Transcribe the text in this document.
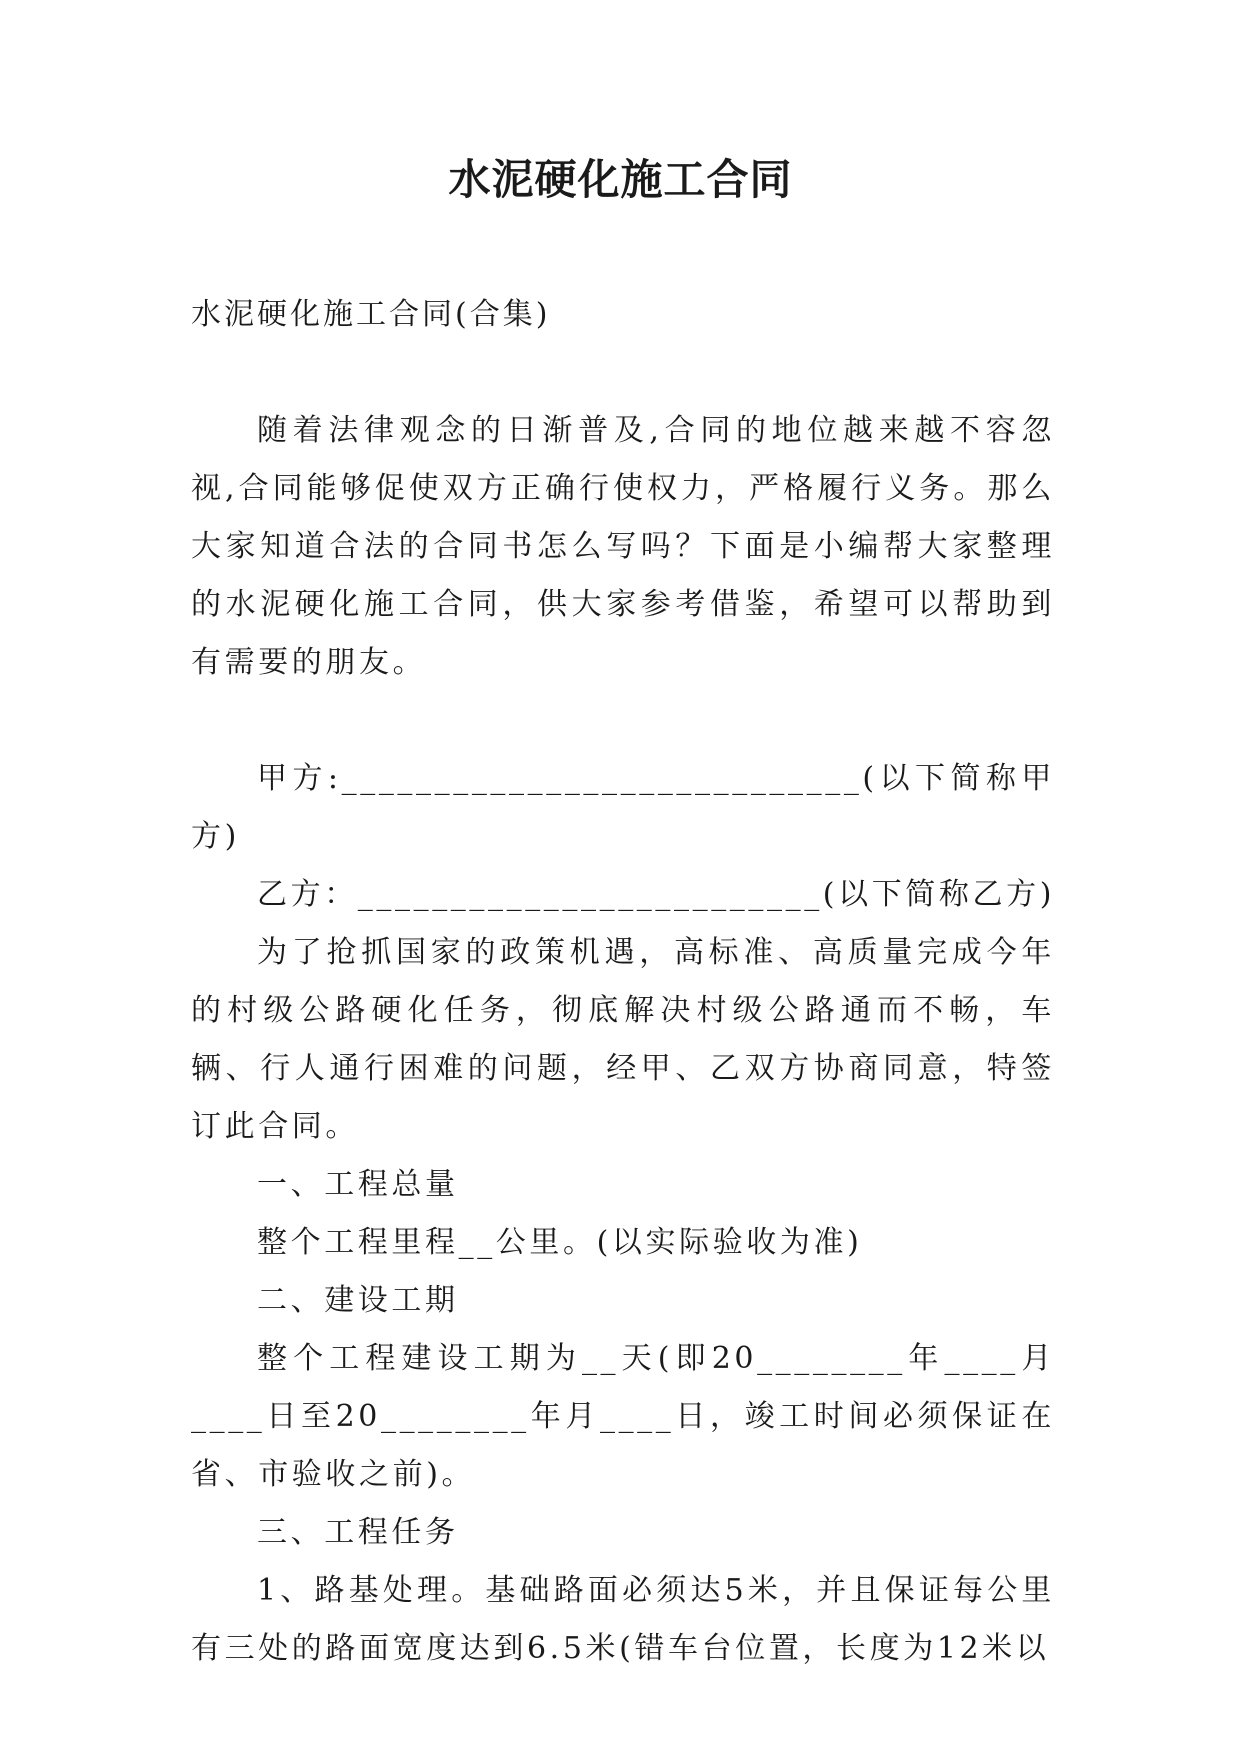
水泥硬化施工合同
水泥硬化施工合同(合集)

随着法律观念的日渐普及,合同的地位越来越不容忽视,合同能够促使双方正确行使权力，严格履行义务。那么大家知道合法的合同书怎么写吗？下面是小编帮大家整理的水泥硬化施工合同，供大家参考借鉴，希望可以帮助到有需要的朋友。

甲方:____________________________(以下简称甲方)

乙方：_________________________(以下简称乙方)

为了抢抓国家的政策机遇，高标准、高质量完成今年的村级公路硬化任务，彻底解决村级公路通而不畅，车辆、行人通行困难的问题，经甲、乙双方协商同意，特签订此合同。

一、工程总量

整个工程里程__公里。(以实际验收为准)

二、建设工期

整个工程建设工期为__天(即20________年____月____日至20________年月____日，竣工时间必须保证在省、市验收之前)。

三、工程任务

1、路基处理。基础路面必须达5米，并且保证每公里有三处的路面宽度达到6.5米(错车台位置，长度为12米以
